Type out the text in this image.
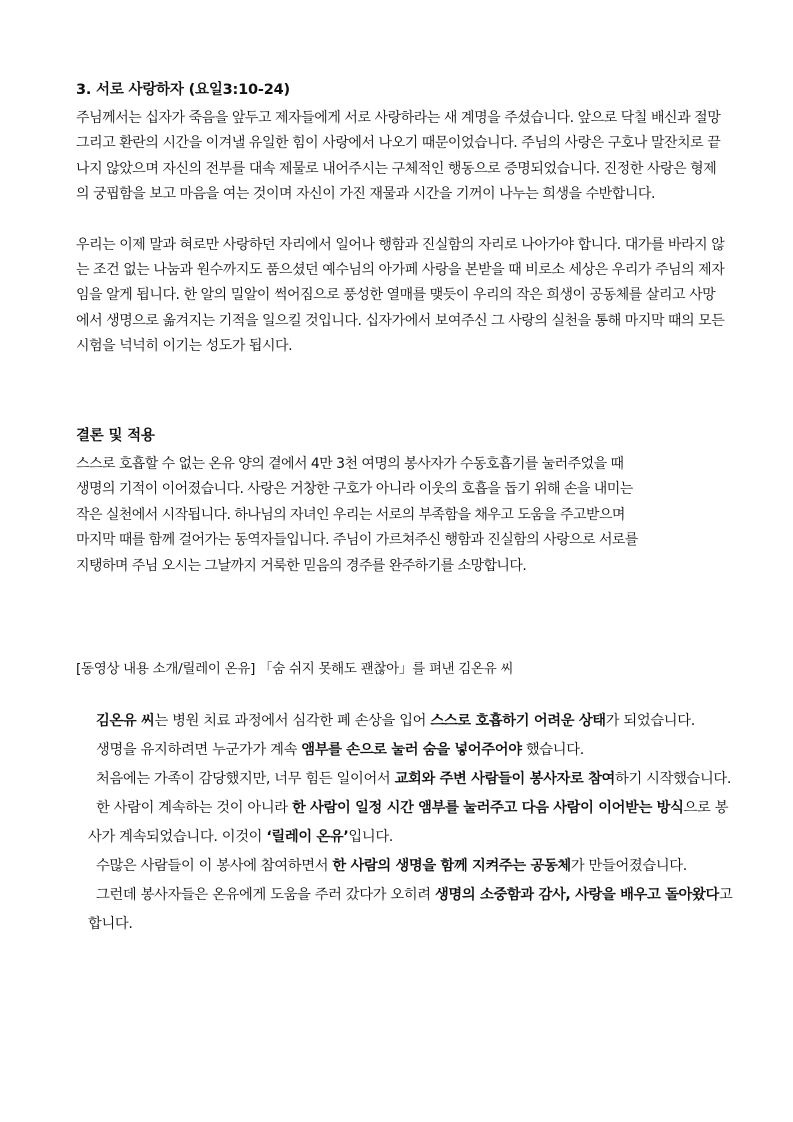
3. 서로 사랑하자 (요일3:10-24)

주님께서는 십자가 죽음을 앞두고 제자들에게 서로 사랑하라는 새 계명을 주셨습니다. 앞으로 닥칠 배신과 절망 그리고 환란의 시간을 이겨낼 유일한 힘이 사랑에서 나오기 때문이었습니다. 주님의 사랑은 구호나 말잔치로 끝나지 않았으며 자신의 전부를 대속 제물로 내어주시는 구체적인 행동으로 증명되었습니다. 진정한 사랑은 형제의 궁핍함을 보고 마음을 여는 것이며 자신이 가진 재물과 시간을 기꺼이 나누는 희생을 수반합니다.

우리는 이제 말과 혀로만 사랑하던 자리에서 일어나 행함과 진실함의 자리로 나아가야 합니다. 대가를 바라지 않는 조건 없는 나눔과 원수까지도 품으셨던 예수님의 아가페 사랑을 본받을 때 비로소 세상은 우리가 주님의 제자임을 알게 됩니다. 한 알의 밀알이 썩어짐으로 풍성한 열매를 맺듯이 우리의 작은 희생이 공동체를 살리고 사망에서 생명으로 옮겨지는 기적을 일으킬 것입니다. 십자가에서 보여주신 그 사랑의 실천을 통해 마지막 때의 모든 시험을 넉넉히 이기는 성도가 됩시다.

결론 및 적용

스스로 호흡할 수 없는 온유 양의 곁에서 4만 3천 여명의 봉사자가 수동호흡기를 눌러주었을 때

생명의 기적이 이어졌습니다. 사랑은 거창한 구호가 아니라 이웃의 호흡을 돕기 위해 손을 내미는

작은 실천에서 시작됩니다. 하나님의 자녀인 우리는 서로의 부족함을 채우고 도움을 주고받으며

마지막 때를 함께 걸어가는 동역자들입니다. 주님이 가르쳐주신 행함과 진실함의 사랑으로 서로를

지탱하며 주님 오시는 그날까지 거룩한 믿음의 경주를 완주하기를 소망합니다.

[동영상 내용 소개/릴레이 온유] 「숨 쉬지 못해도 괜찮아」를 펴낸 김온유 씨

김온유 씨는 병원 치료 과정에서 심각한 폐 손상을 입어 스스로 호흡하기 어려운 상태가 되었습니다.

생명을 유지하려면 누군가가 계속 앰부를 손으로 눌러 숨을 넣어주어야 했습니다.

처음에는 가족이 감당했지만, 너무 힘든 일이어서 교회와 주변 사람들이 봉사자로 참여하기 시작했습니다.

한 사람이 계속하는 것이 아니라 한 사람이 일정 시간 앰부를 눌러주고 다음 사람이 이어받는 방식으로 봉사가 계속되었습니다. 이것이 ‘릴레이 온유’입니다.

수많은 사람들이 이 봉사에 참여하면서 한 사람의 생명을 함께 지켜주는 공동체가 만들어졌습니다.

그런데 봉사자들은 온유에게 도움을 주러 갔다가 오히려 생명의 소중함과 감사, 사랑을 배우고 돌아왔다고 합니다.
